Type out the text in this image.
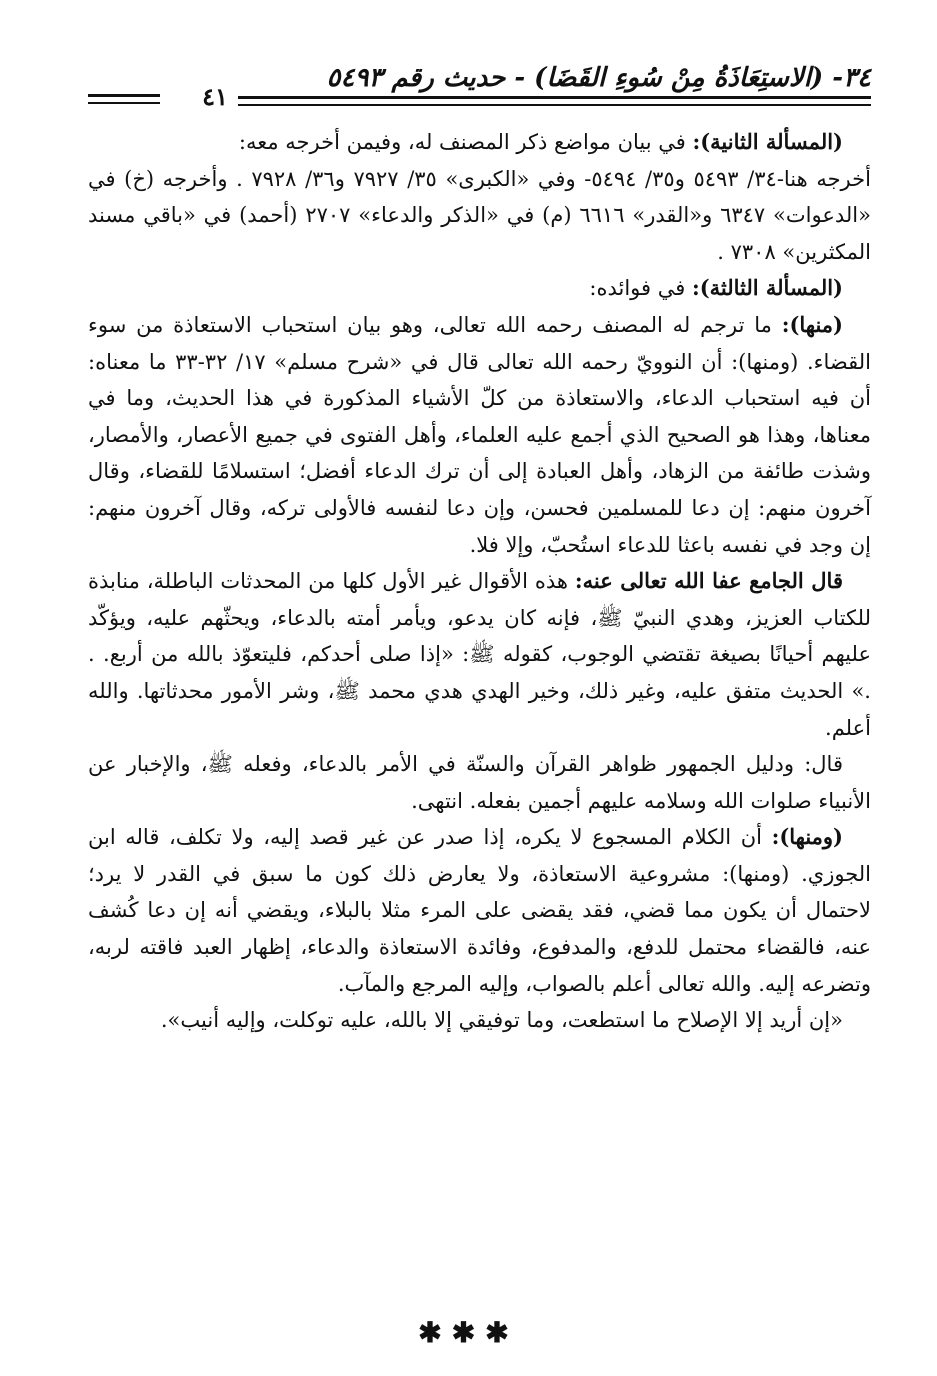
٣٤- (الاستِعَاذَةُ مِنْ سُوءِ القَضَا) - حديث رقم ٥٤٩٣
٤١

(المسألة الثانية): في بيان مواضع ذكر المصنف له، وفيمن أخرجه معه:

أخرجه هنا-٣٤/ ٥٤٩٣ و٣٥/ ٥٤٩٤- وفي «الكبرى» ٣٥/ ٧٩٢٧ و٣٦/ ٧٩٢٨ . وأخرجه (خ) في «الدعوات» ٦٣٤٧ و«القدر» ٦٦١٦ (م) في «الذكر والدعاء» ٢٧٠٧ (أحمد) في «باقي مسند المكثرين» ٧٣٠٨ .

(المسألة الثالثة): في فوائده:

(منها): ما ترجم له المصنف رحمه الله تعالى، وهو بيان استحباب الاستعاذة من سوء القضاء. (ومنها): أن النوويّ رحمه الله تعالى قال في «شرح مسلم» ١٧/ ٣٢-٣٣ ما معناه: أن فيه استحباب الدعاء، والاستعاذة من كلّ الأشياء المذكورة في هذا الحديث، وما في معناها، وهذا هو الصحيح الذي أجمع عليه العلماء، وأهل الفتوى في جميع الأعصار، والأمصار، وشذت طائفة من الزهاد، وأهل العبادة إلى أن ترك الدعاء أفضل؛ استسلامًا للقضاء، وقال آخرون منهم: إن دعا للمسلمين فحسن، وإن دعا لنفسه فالأولى تركه، وقال آخرون منهم: إن وجد في نفسه باعثا للدعاء استُحبّ، وإلا فلا.

قال الجامع عفا الله تعالى عنه: هذه الأقوال غير الأول كلها من المحدثات الباطلة، منابذة للكتاب العزيز، وهدي النبيّ ﷺ، فإنه كان يدعو، ويأمر أمته بالدعاء، ويحثّهم عليه، ويؤكّد عليهم أحيانًا بصيغة تقتضي الوجوب، كقوله ﷺ: «إذا صلى أحدكم، فليتعوّذ بالله من أربع. . .» الحديث متفق عليه، وغير ذلك، وخير الهدي هدي محمد ﷺ، وشر الأمور محدثاتها. والله أعلم.

قال: ودليل الجمهور ظواهر القرآن والسنّة في الأمر بالدعاء، وفعله ﷺ، والإخبار عن الأنبياء صلوات الله وسلامه عليهم أجمين بفعله. انتهى.

(ومنها): أن الكلام المسجوع لا يكره، إذا صدر عن غير قصد إليه، ولا تكلف، قاله ابن الجوزي. (ومنها): مشروعية الاستعاذة، ولا يعارض ذلك كون ما سبق في القدر لا يرد؛ لاحتمال أن يكون مما قضي، فقد يقضى على المرء مثلا بالبلاء، ويقضي أنه إن دعا كُشف عنه، فالقضاء محتمل للدفع، والمدفوع، وفائدة الاستعاذة والدعاء، إظهار العبد فاقته لربه، وتضرعه إليه. والله تعالى أعلم بالصواب، وإليه المرجع والمآب.

«إن أريد إلا الإصلاح ما استطعت، وما توفيقي إلا بالله، عليه توكلت، وإليه أنيب».

✱✱✱
